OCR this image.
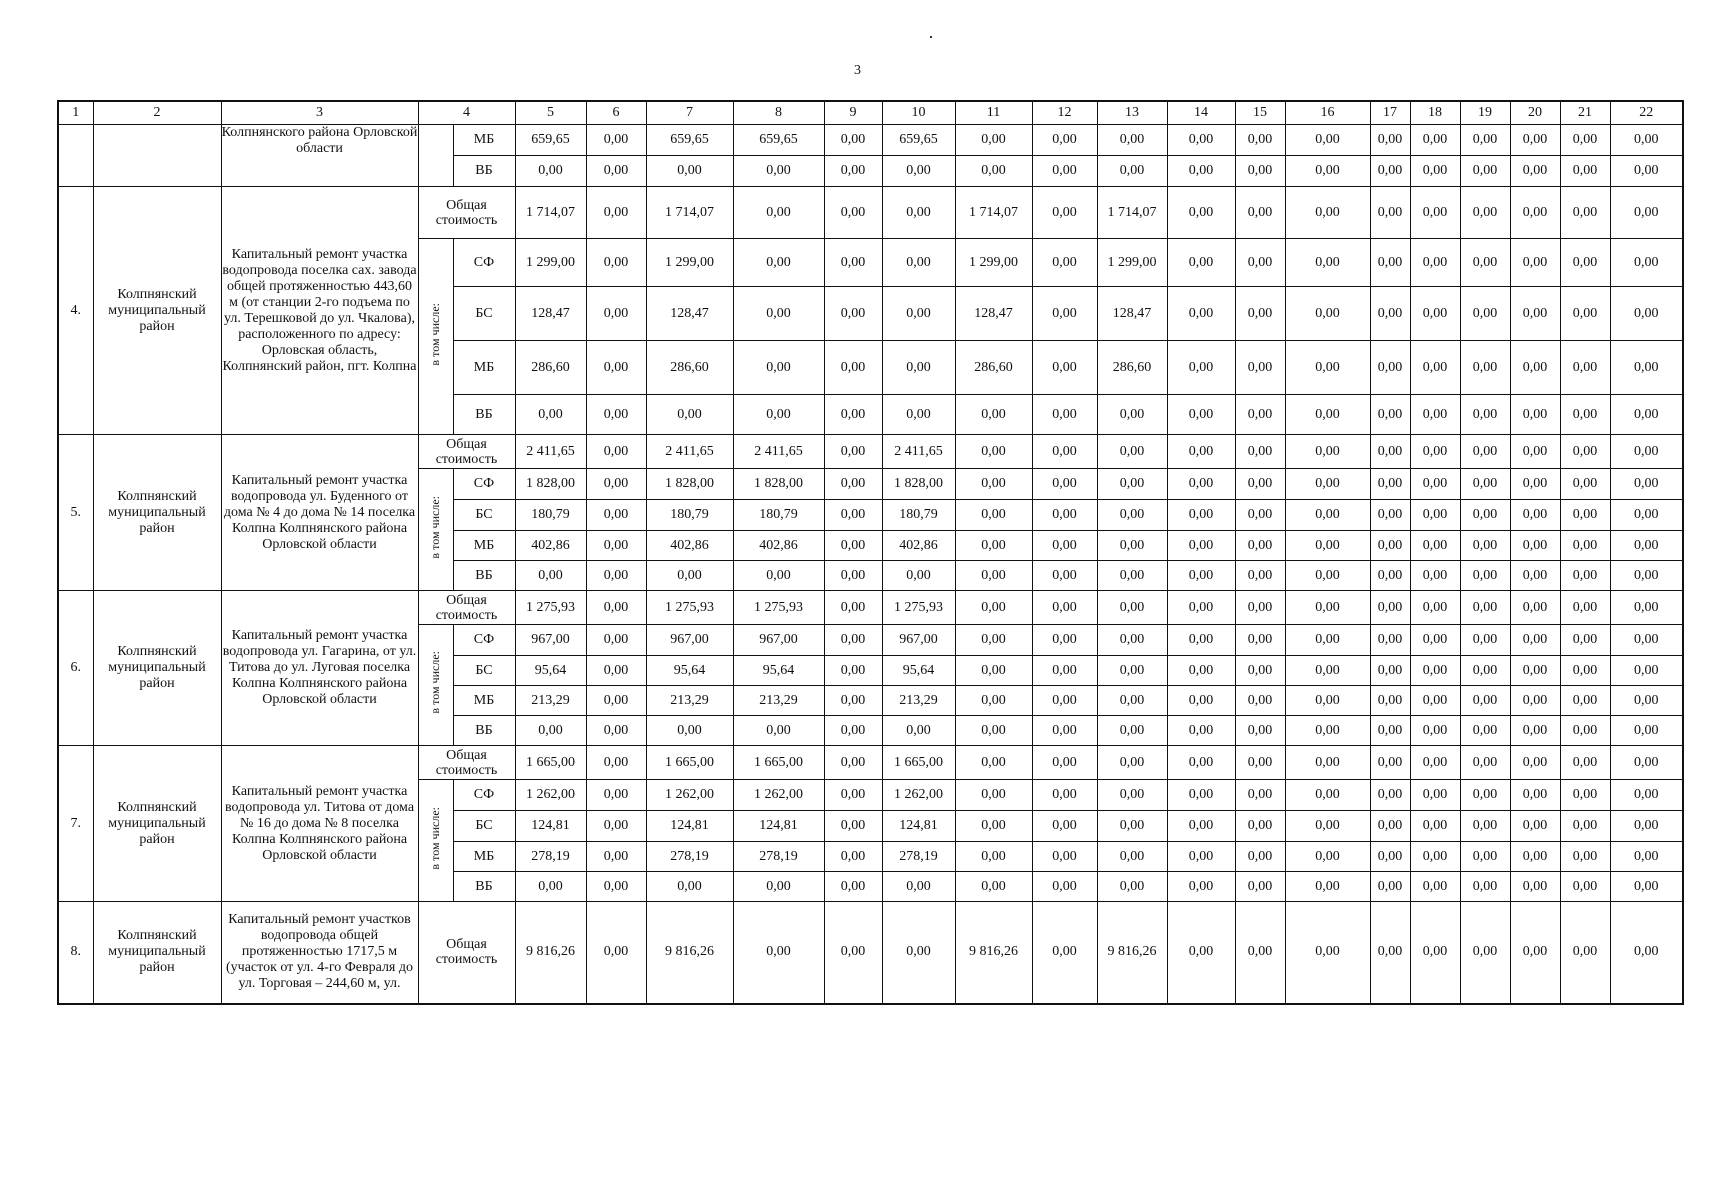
3
1	2	3	4		5	6	7	8	9	10	11	12	13	14	15	16	17	18	19	20	21	22
		Колпнянского района Орловской области		МБ	659,65	0,00	659,65	659,65	0,00	659,65	0,00	0,00	0,00	0,00	0,00	0,00	0,00	0,00	0,00	0,00	0,00	0,00
				ВБ	0,00	0,00	0,00	0,00	0,00	0,00	0,00	0,00	0,00	0,00	0,00	0,00	0,00	0,00	0,00	0,00	0,00	0,00
4.	Колпнянский муниципальный район	Капитальный ремонт участка водопровода поселка сах. завода общей протяженностью 443,60 м (от станции 2-го подъема по ул. Терешковой до ул. Чкалова), расположенного по адресу: Орловская область, Колпнянский район, пгт. Колпна	Общая стоимость		1 714,07	0,00	1 714,07	0,00	0,00	0,00	1 714,07	0,00	1 714,07	0,00	0,00	0,00	0,00	0,00	0,00	0,00	0,00	0,00
			в том числе:	СФ	1 299,00	0,00	1 299,00	0,00	0,00	0,00	1 299,00	0,00	1 299,00	0,00	0,00	0,00	0,00	0,00	0,00	0,00	0,00	0,00
				БС	128,47	0,00	128,47	0,00	0,00	0,00	128,47	0,00	128,47	0,00	0,00	0,00	0,00	0,00	0,00	0,00	0,00	0,00
				МБ	286,60	0,00	286,60	0,00	0,00	0,00	286,60	0,00	286,60	0,00	0,00	0,00	0,00	0,00	0,00	0,00	0,00	0,00
				ВБ	0,00	0,00	0,00	0,00	0,00	0,00	0,00	0,00	0,00	0,00	0,00	0,00	0,00	0,00	0,00	0,00	0,00	0,00
5.	Колпнянский муниципальный район	Капитальный ремонт участка водопровода ул. Буденного от дома № 4 до дома № 14 поселка Колпна Колпнянского района Орловской области	Общая стоимость		2 411,65	0,00	2 411,65	2 411,65	0,00	2 411,65	0,00	0,00	0,00	0,00	0,00	0,00	0,00	0,00	0,00	0,00	0,00	0,00
			в том числе:	СФ	1 828,00	0,00	1 828,00	1 828,00	0,00	1 828,00	0,00	0,00	0,00	0,00	0,00	0,00	0,00	0,00	0,00	0,00	0,00	0,00
				БС	180,79	0,00	180,79	180,79	0,00	180,79	0,00	0,00	0,00	0,00	0,00	0,00	0,00	0,00	0,00	0,00	0,00	0,00
				МБ	402,86	0,00	402,86	402,86	0,00	402,86	0,00	0,00	0,00	0,00	0,00	0,00	0,00	0,00	0,00	0,00	0,00	0,00
				ВБ	0,00	0,00	0,00	0,00	0,00	0,00	0,00	0,00	0,00	0,00	0,00	0,00	0,00	0,00	0,00	0,00	0,00	0,00
6.	Колпнянский муниципальный район	Капитальный ремонт участка водопровода ул. Гагарина, от ул. Титова до ул. Луговая поселка Колпна Колпнянского района Орловской области	Общая стоимость		1 275,93	0,00	1 275,93	1 275,93	0,00	1 275,93	0,00	0,00	0,00	0,00	0,00	0,00	0,00	0,00	0,00	0,00	0,00	0,00
			в том числе:	СФ	967,00	0,00	967,00	967,00	0,00	967,00	0,00	0,00	0,00	0,00	0,00	0,00	0,00	0,00	0,00	0,00	0,00	0,00
				БС	95,64	0,00	95,64	95,64	0,00	95,64	0,00	0,00	0,00	0,00	0,00	0,00	0,00	0,00	0,00	0,00	0,00	0,00
				МБ	213,29	0,00	213,29	213,29	0,00	213,29	0,00	0,00	0,00	0,00	0,00	0,00	0,00	0,00	0,00	0,00	0,00	0,00
				ВБ	0,00	0,00	0,00	0,00	0,00	0,00	0,00	0,00	0,00	0,00	0,00	0,00	0,00	0,00	0,00	0,00	0,00	0,00
7.	Колпнянский муниципальный район	Капитальный ремонт участка водопровода ул. Титова от дома № 16 до дома № 8 поселка Колпна Колпнянского района Орловской области	Общая стоимость		1 665,00	0,00	1 665,00	1 665,00	0,00	1 665,00	0,00	0,00	0,00	0,00	0,00	0,00	0,00	0,00	0,00	0,00	0,00	0,00
			в том числе:	СФ	1 262,00	0,00	1 262,00	1 262,00	0,00	1 262,00	0,00	0,00	0,00	0,00	0,00	0,00	0,00	0,00	0,00	0,00	0,00	0,00
				БС	124,81	0,00	124,81	124,81	0,00	124,81	0,00	0,00	0,00	0,00	0,00	0,00	0,00	0,00	0,00	0,00	0,00	0,00
				МБ	278,19	0,00	278,19	278,19	0,00	278,19	0,00	0,00	0,00	0,00	0,00	0,00	0,00	0,00	0,00	0,00	0,00	0,00
				ВБ	0,00	0,00	0,00	0,00	0,00	0,00	0,00	0,00	0,00	0,00	0,00	0,00	0,00	0,00	0,00	0,00	0,00	0,00
8.	Колпнянский муниципальный район	Капитальный ремонт участков водопровода общей протяженностью 1717,5 м (участок от ул. 4-го Февраля до ул. Торговая – 244,60 м, ул.	Общая стоимость		9 816,26	0,00	9 816,26	0,00	0,00	0,00	9 816,26	0,00	9 816,26	0,00	0,00	0,00	0,00	0,00	0,00	0,00	0,00	0,00
